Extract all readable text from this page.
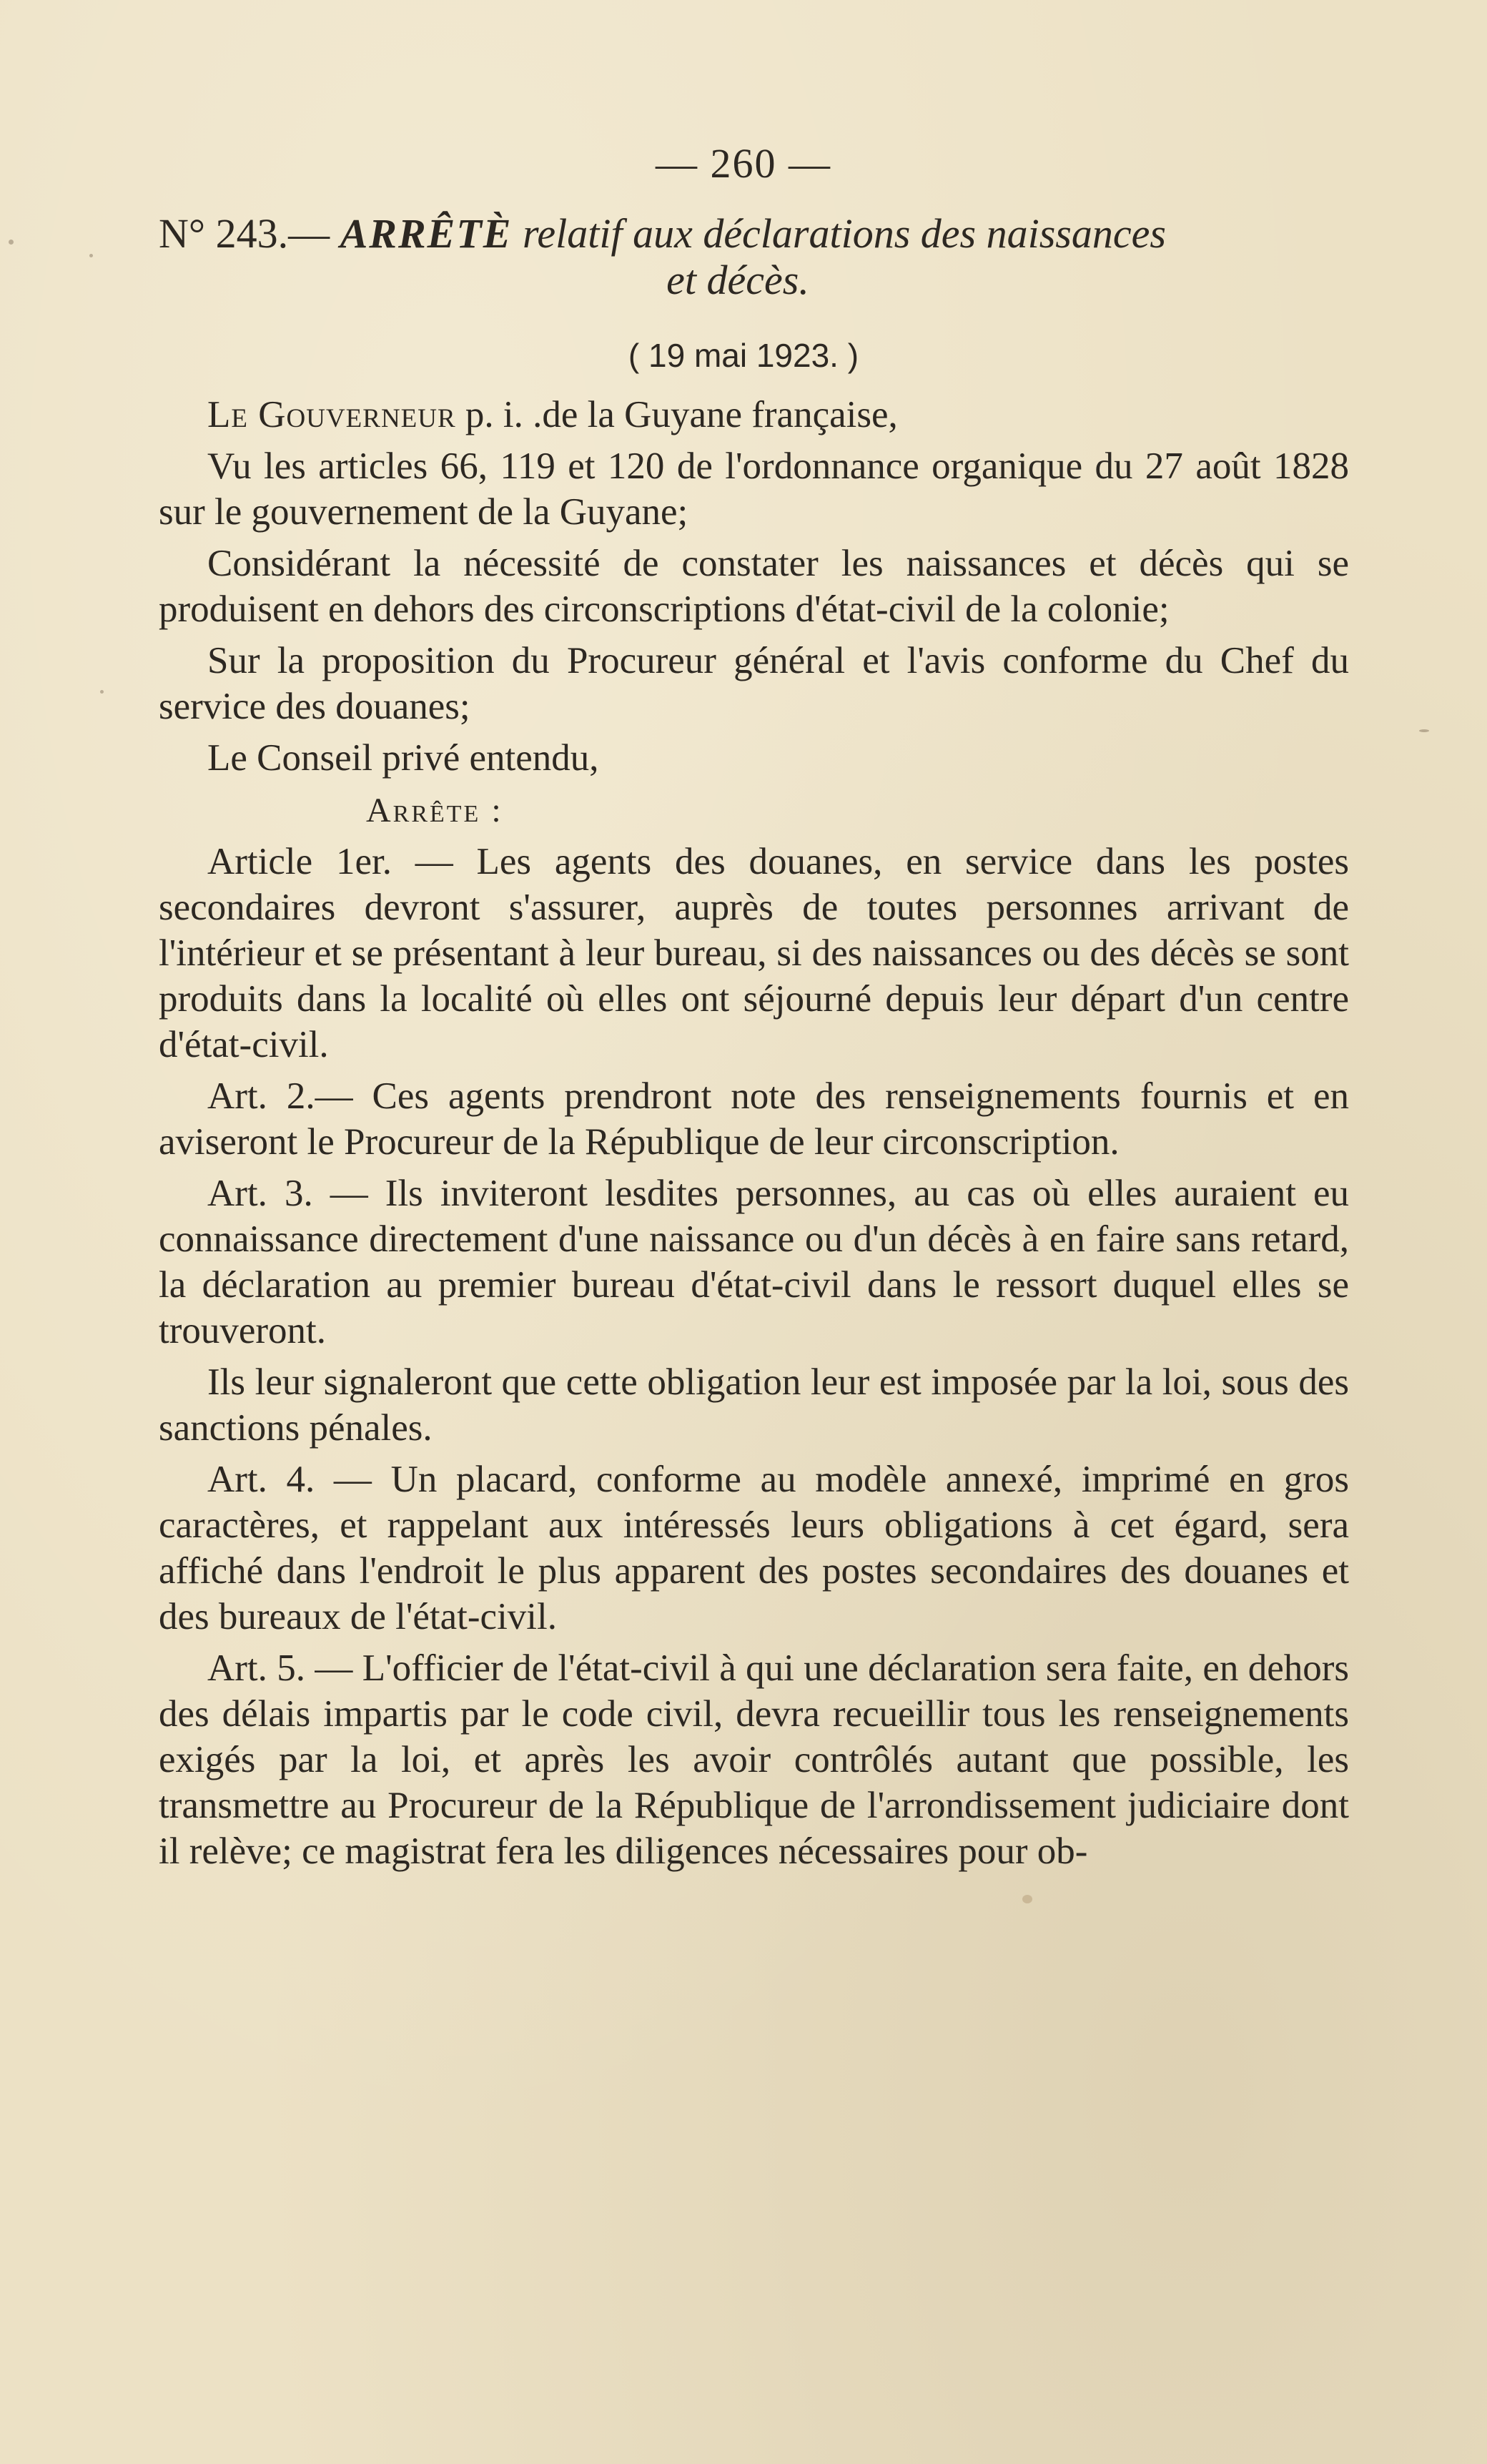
— 260 —
N° 243.— ARRÊTÈ relatif aux déclarations des naissances
et décès.
( 19 mai 1923. )

Le Gouverneur p. i. .de la Guyane française,

Vu les articles 66, 119 et 120 de l'ordonnance organique du 27 août 1828 sur le gouvernement de la Guyane;

Considérant la nécessité de constater les naissances et décès qui se produisent en dehors des circonscriptions d'état-civil de la colonie;

Sur la proposition du Procureur général et l'avis conforme du Chef du service des douanes;

Le Conseil privé entendu,

Arrête :

Article 1er. — Les agents des douanes, en service dans les postes secondaires devront s'assurer, auprès de toutes personnes arrivant de l'intérieur et se présentant à leur bureau, si des naissances ou des décès se sont produits dans la localité où elles ont séjourné depuis leur départ d'un centre d'état-civil.

Art. 2.— Ces agents prendront note des renseignements fournis et en aviseront le Procureur de la République de leur circonscription.

Art. 3. — Ils inviteront lesdites personnes, au cas où elles auraient eu connaissance directement d'une naissance ou d'un décès à en faire sans retard, la déclaration au premier bureau d'état-civil dans le ressort duquel elles se trouveront.

Ils leur signaleront que cette obligation leur est imposée par la loi, sous des sanctions pénales.

Art. 4. — Un placard, conforme au modèle annexé, imprimé en gros caractères, et rappelant aux intéressés leurs obligations à cet égard, sera affiché dans l'endroit le plus apparent des postes secondaires des douanes et des bureaux de l'état-civil.

Art. 5. — L'officier de l'état-civil à qui une déclaration sera faite, en dehors des délais impartis par le code civil, devra recueillir tous les renseignements exigés par la loi, et après les avoir contrôlés autant que possible, les transmettre au Procureur de la République de l'arrondissement judiciaire dont il relève; ce magistrat fera les diligences nécessaires pour ob-
